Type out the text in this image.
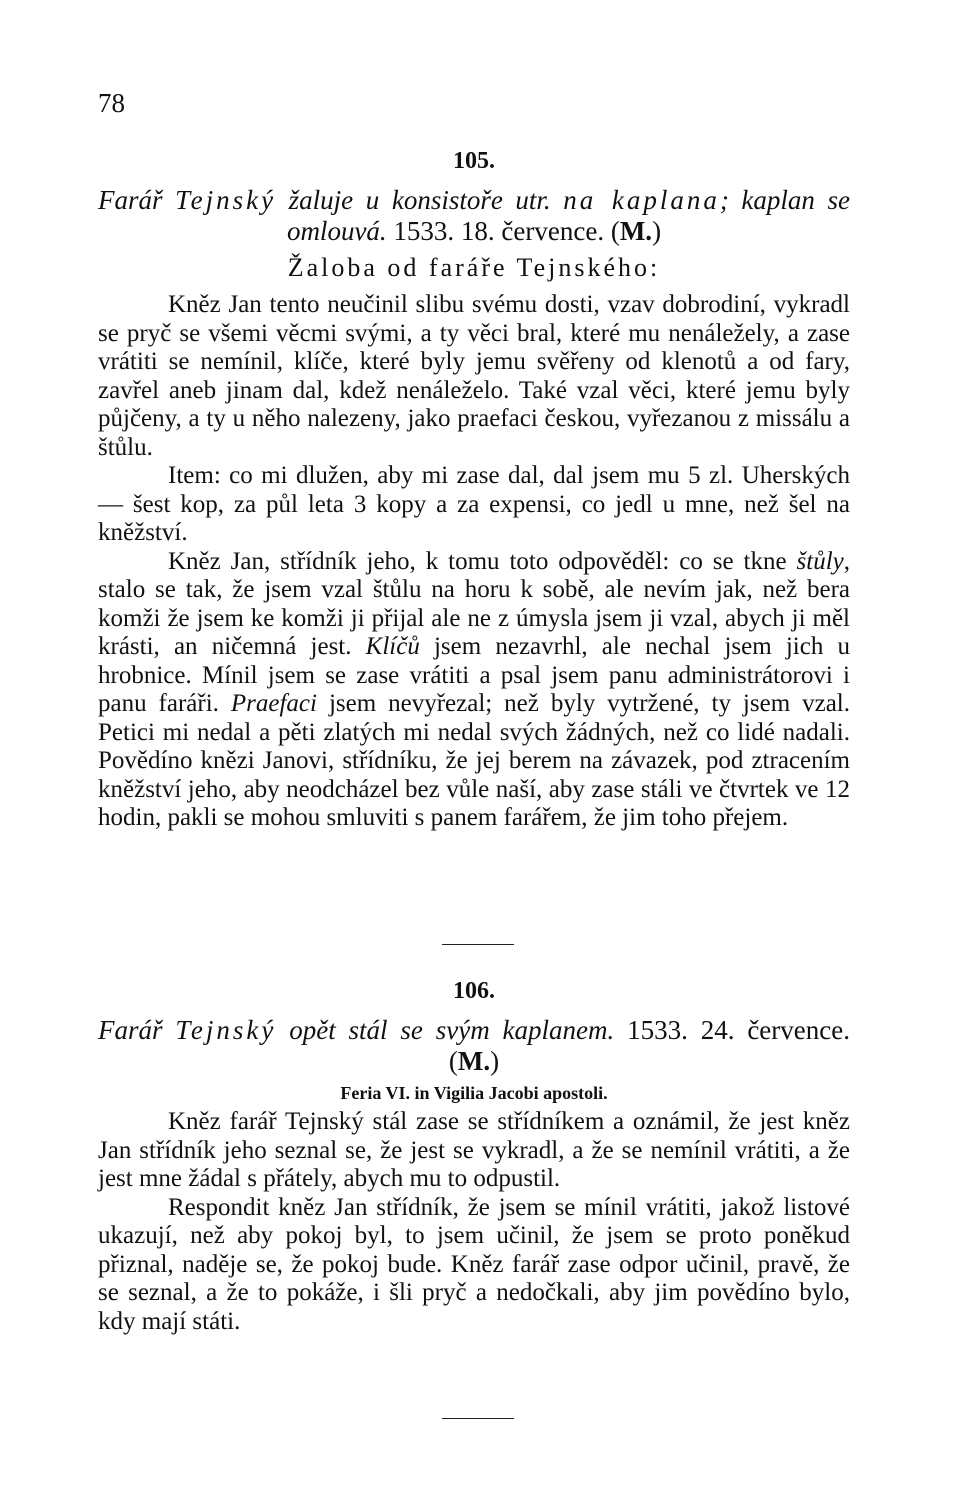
78
105.
Farář Tejnský žaluje u konsistoře utr. na kaplana; kaplan se omlouvá. 1533. 18. července. (M.)
Žaloba od faráře Tejnského:

Kněz Jan tento neučinil slibu svému dosti, vzav dobrodiní, vykradl se pryč se všemi věcmi svými, a ty věci bral, které mu nenáležely, a zase vrátiti se nemínil, klíče, které byly jemu svěřeny od klenotů a od fary, zavřel aneb jinam dal, kdež nenáleželo. Také vzal věci, které jemu byly půjčeny, a ty u něho nalezeny, jako praefaci českou, vyřezanou z missálu a štůlu.

Item: co mi dlužen, aby mi zase dal, dal jsem mu 5 zl. Uherských — šest kop, za půl leta 3 kopy a za expensi, co jedl u mne, než šel na kněžství.

Kněz Jan, střídník jeho, k tomu toto odpověděl: co se tkne štůly, stalo se tak, že jsem vzal štůlu na horu k sobě, ale nevím jak, než bera komži že jsem ke komži ji přijal ale ne z úmysla jsem ji vzal, abych ji měl krásti, an ničemná jest. Klíčů jsem nezavrhl, ale nechal jsem jich u hrobnice. Mínil jsem se zase vrátiti a psal jsem panu administrátorovi i panu faráři. Praefaci jsem nevyřezal; než byly vytržené, ty jsem vzal. Petici mi nedal a pěti zlatých mi nedal svých žádných, než co lidé nadali. Povědíno knězi Janovi, střídníku, že jej berem na závazek, pod ztracením kněžství jeho, aby neodcházel bez vůle naší, aby zase stáli ve čtvrtek ve 12 hodin, pakli se mohou smluviti s panem farářem, že jim toho přejem.

106.
Farář Tejnský opět stál se svým kaplanem. 1533. 24. července. (M.)
Feria VI. in Vigilia Jacobi apostoli.

Kněz farář Tejnský stál zase se střídníkem a oznámil, že jest kněz Jan střídník jeho seznal se, že jest se vykradl, a že se nemínil vrátiti, a že jest mne žádal s přátely, abych mu to odpustil.

Respondit kněz Jan střídník, že jsem se mínil vrátiti, jakož listové ukazují, než aby pokoj byl, to jsem učinil, že jsem se proto poněkud přiznal, naděje se, že pokoj bude. Kněz farář zase odpor učinil, pravě, že se seznal, a že to pokáže, i šli pryč a nedočkali, aby jim povědíno bylo, kdy mají státi.
